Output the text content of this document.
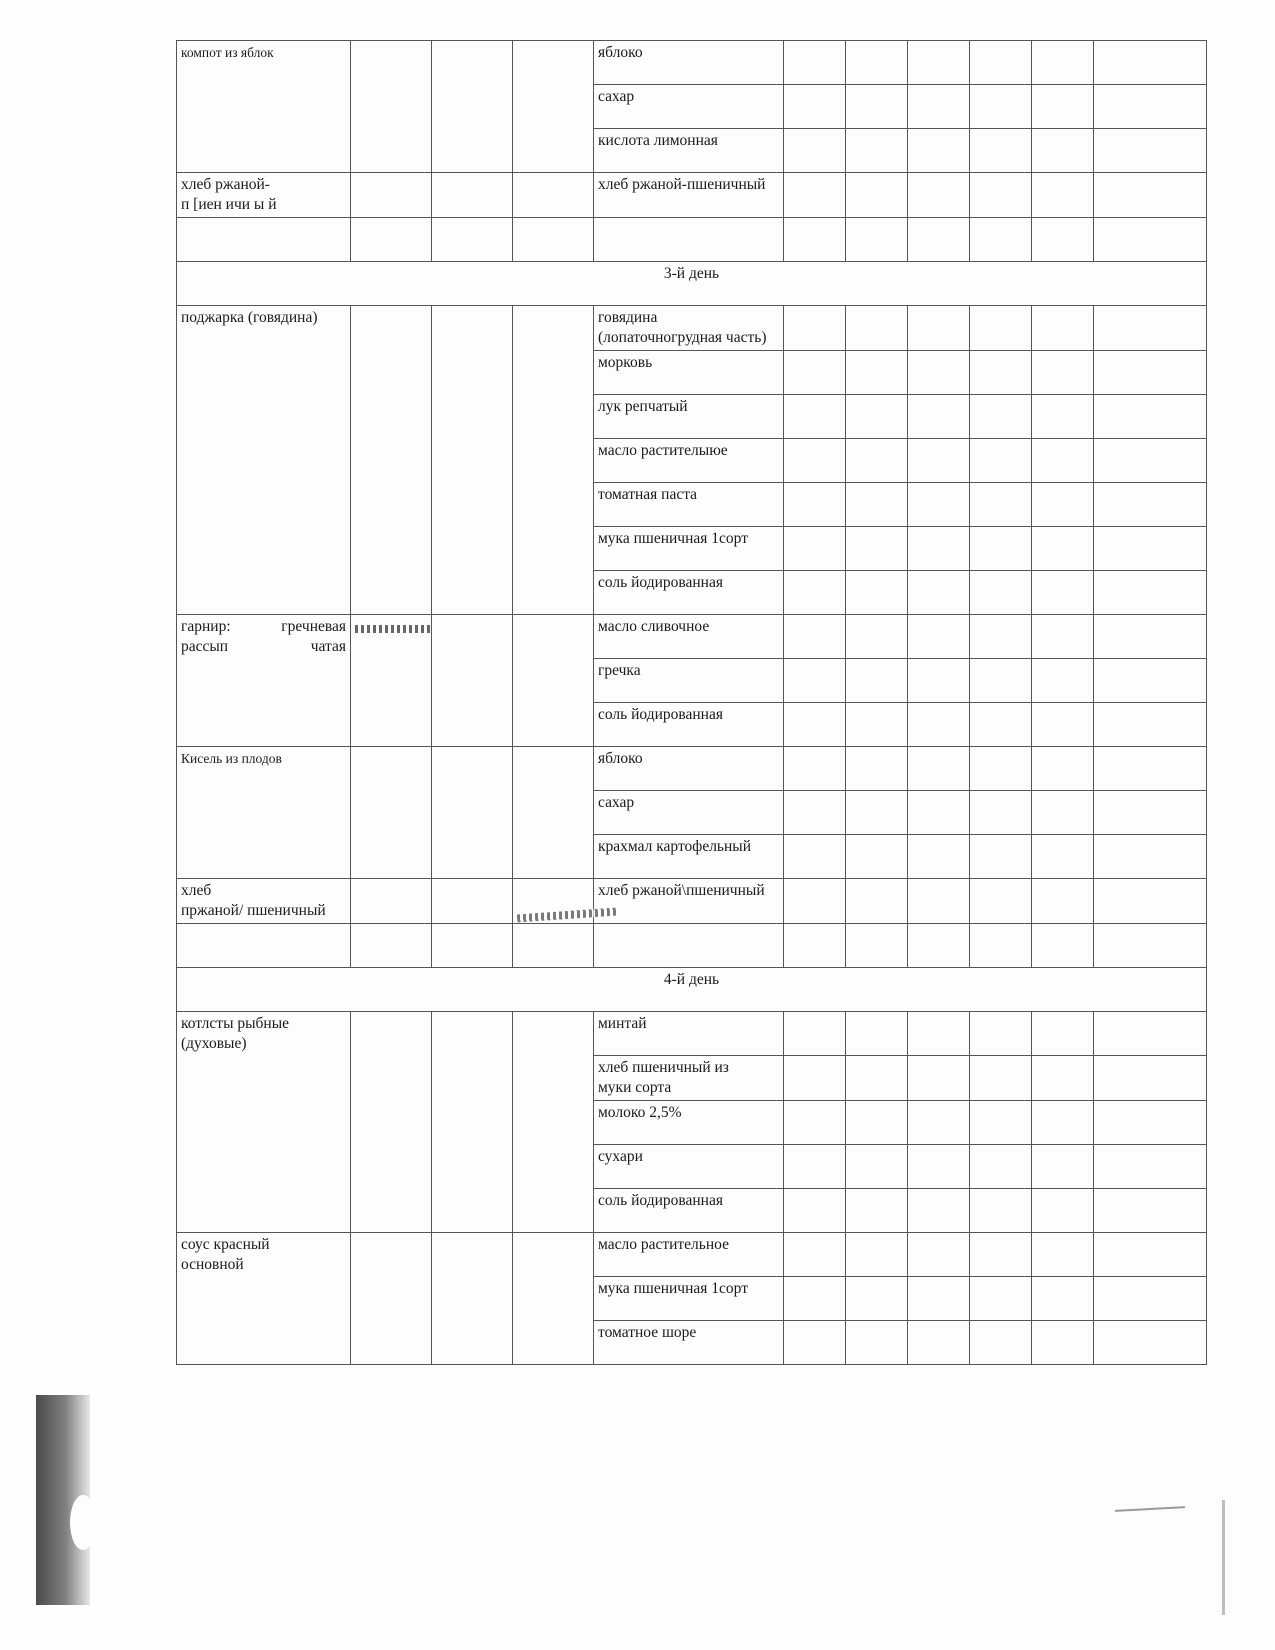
компот из яблок				яблоко						
				сахар						
				кислота лимонная						
хлеб ржаной-
п [иен ичи ы й				хлеб ржаной-пшеничный						

3-й день										
поджарка (говядина)				говядина (лопаточногрудная часть)						
				морковь						
				лук репчатый						
				масло растителыюе						
				томатная паста						
				мука пшеничная 1сорт						
				соль йодированная						

гарнир: гречневая рассып чатая				масло сливочное						
				гречка						
				соль йодированная						
Кисель из плодов				яблоко						
				сахар						
				крахмал картофельный						
хлеб
пржаной/ пшеничный				хлеб ржаной\пшеничный						

4-й день										
котлсты рыбные
(духовые)				минтай						
				хлеб пшеничный из
муки сорта						
				молоко 2,5%						
				сухари						
				соль йодированная						
соус красный
основной				масло растительное						
				мука пшеничная 1сорт						
				томатное шоре						
